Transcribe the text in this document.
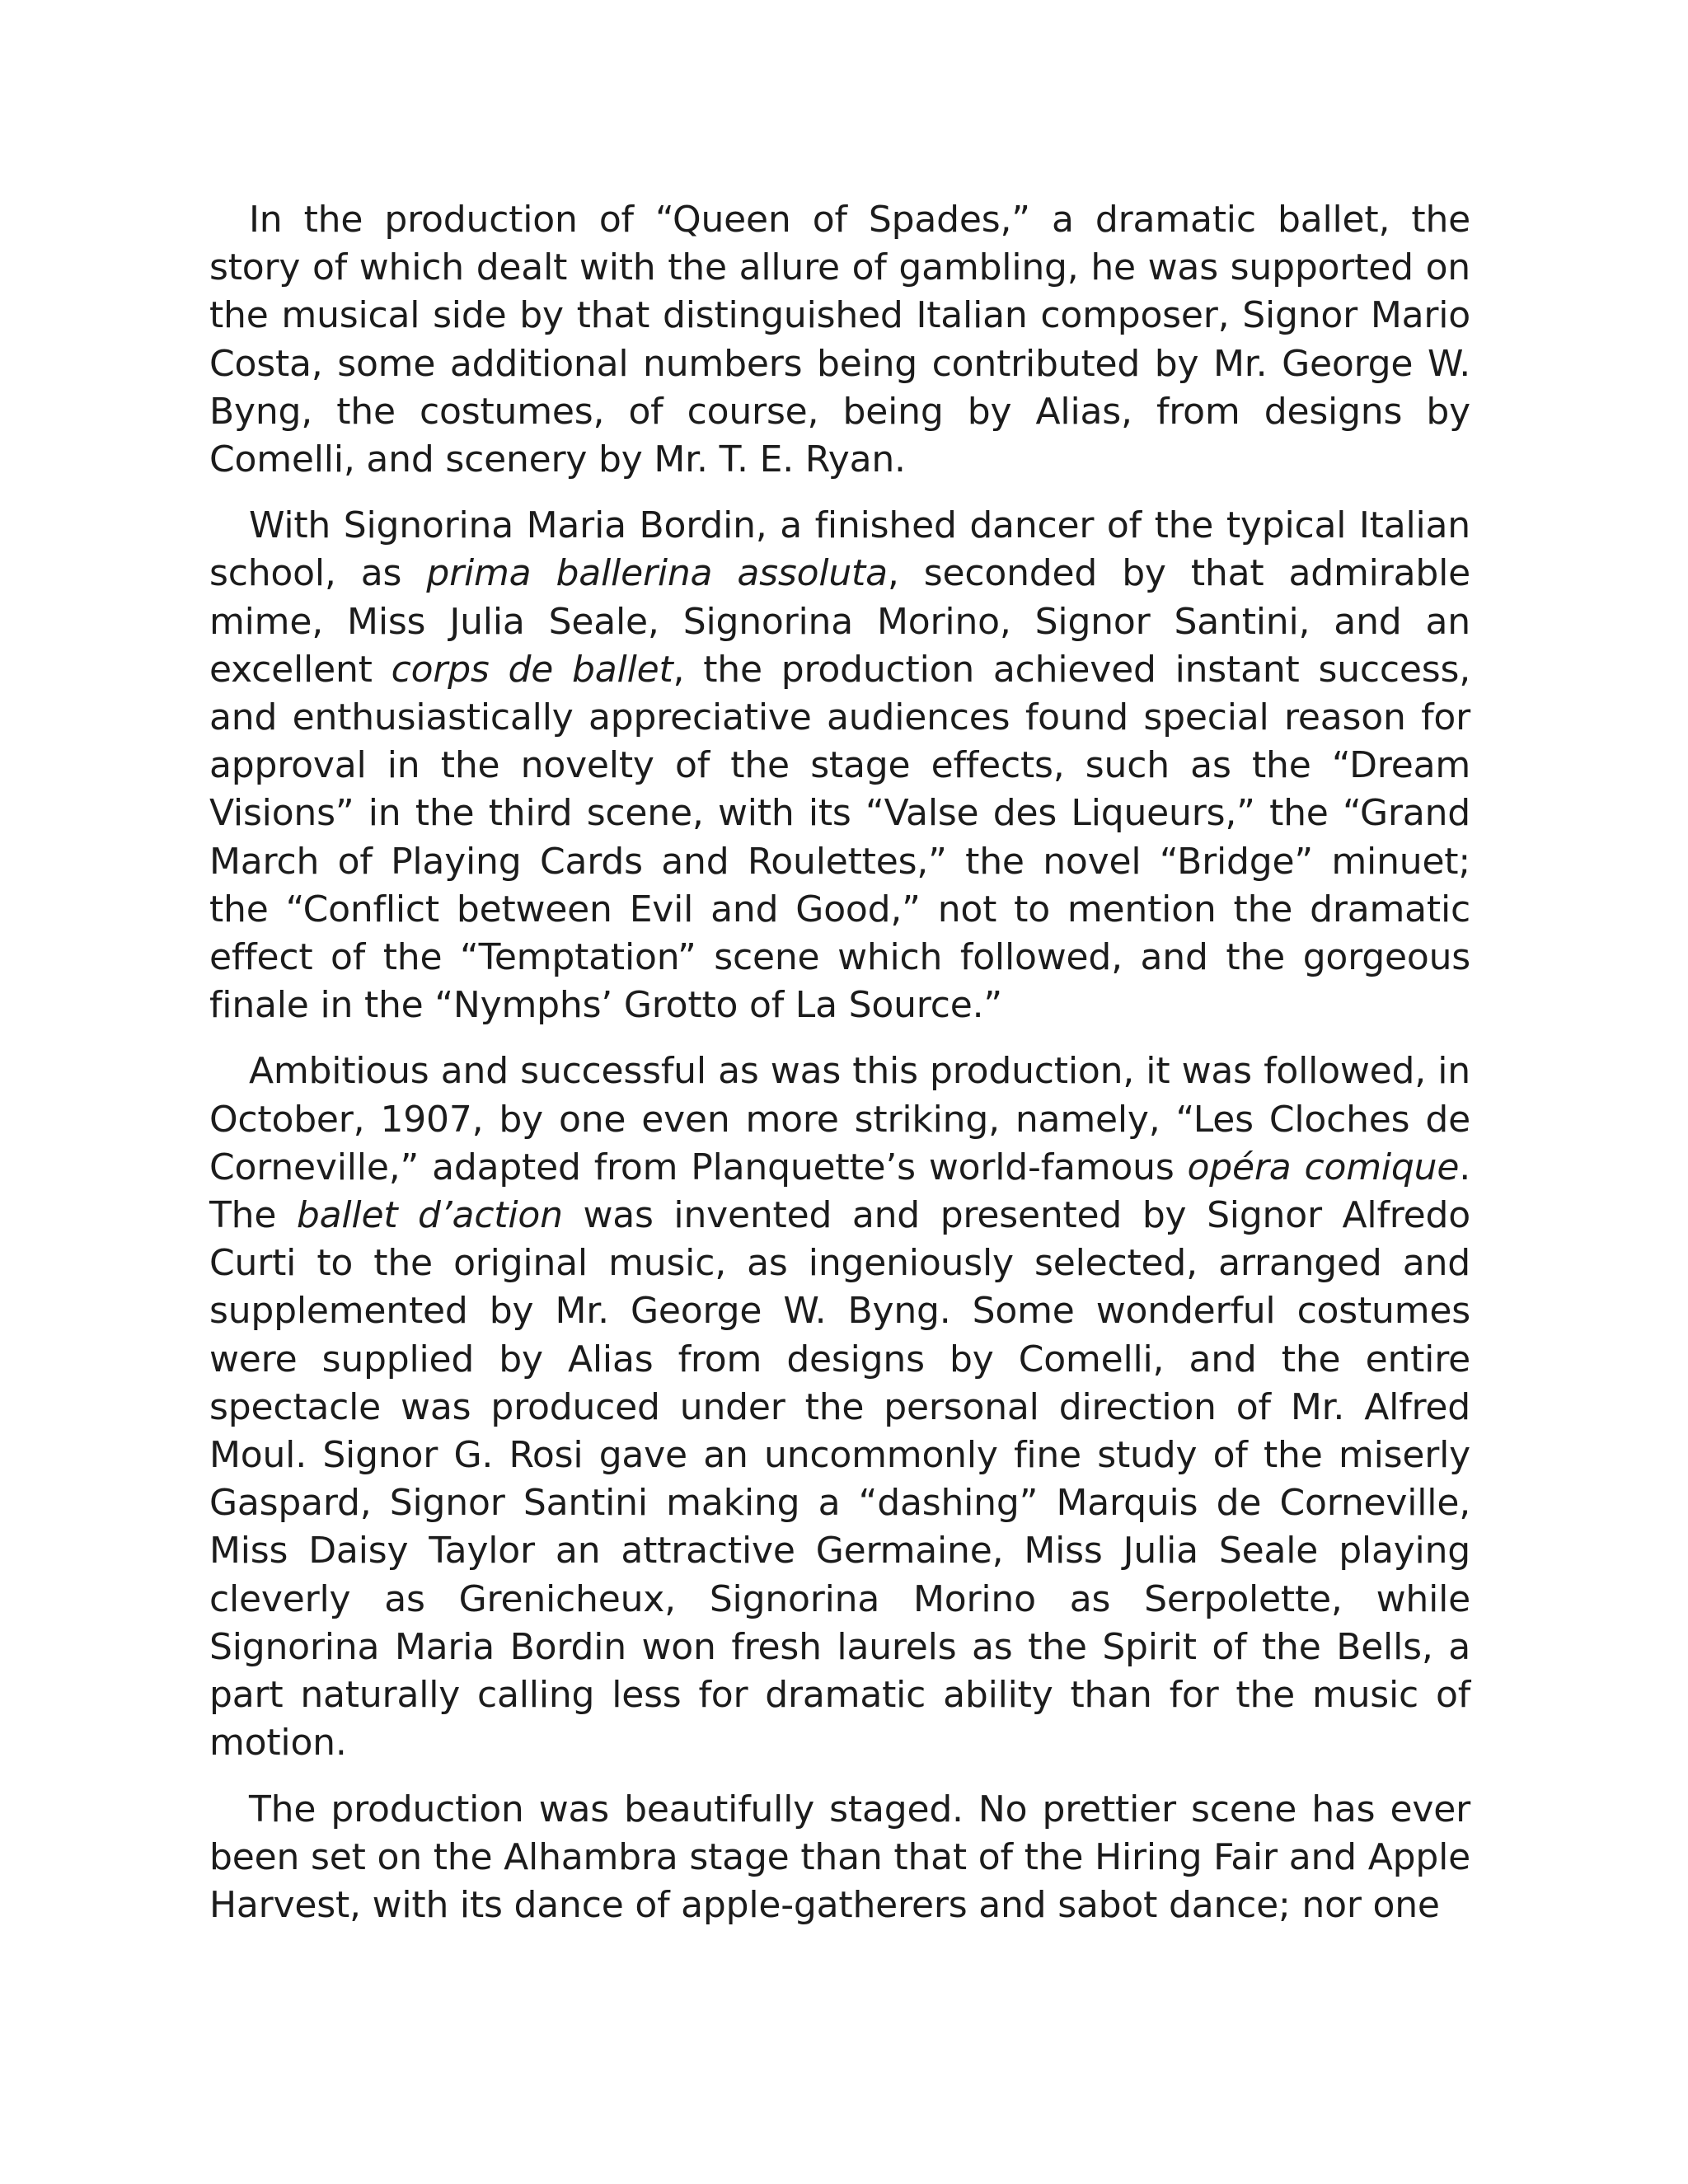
In the production of “Queen of Spades,” a dramatic ballet, the story of which dealt with the allure of gambling, he was supported on the musical side by that distinguished Italian composer, Signor Mario Costa, some additional numbers being contributed by Mr. George W. Byng, the costumes, of course, being by Alias, from designs by Comelli, and scenery by Mr. T. E. Ryan.

With Signorina Maria Bordin, a finished dancer of the typical Italian school, as prima ballerina assoluta, seconded by that admirable mime, Miss Julia Seale, Signorina Morino, Signor Santini, and an excellent corps de ballet, the production achieved instant success, and enthusiastically appreciative audiences found special reason for approval in the novelty of the stage effects, such as the “Dream Visions” in the third scene, with its “Valse des Liqueurs,” the “Grand March of Playing Cards and Roulettes,” the novel “Bridge” minuet; the “Conflict between Evil and Good,” not to mention the dramatic effect of the “Temptation” scene which followed, and the gorgeous finale in the “Nymphs’ Grotto of La Source.”

Ambitious and successful as was this production, it was followed, in October, 1907, by one even more striking, namely, “Les Cloches de Corneville,” adapted from Planquette’s world-famous opéra comique. The ballet d’action was invented and presented by Signor Alfredo Curti to the original music, as ingeniously selected, arranged and supplemented by Mr. George W. Byng. Some wonderful costumes were supplied by Alias from designs by Comelli, and the entire spectacle was produced under the personal direction of Mr. Alfred Moul. Signor G. Rosi gave an uncommonly fine study of the miserly Gaspard, Signor Santini making a “dashing” Marquis de Corneville, Miss Daisy Taylor an attractive Germaine, Miss Julia Seale playing cleverly as Grenicheux, Signorina Morino as Serpolette, while Signorina Maria Bordin won fresh laurels as the Spirit of the Bells, a part naturally calling less for dramatic ability than for the music of motion.

The production was beautifully staged. No prettier scene has ever been set on the Alhambra stage than that of the Hiring Fair and Apple Harvest, with its dance of apple-gatherers and sabot dance; nor one
